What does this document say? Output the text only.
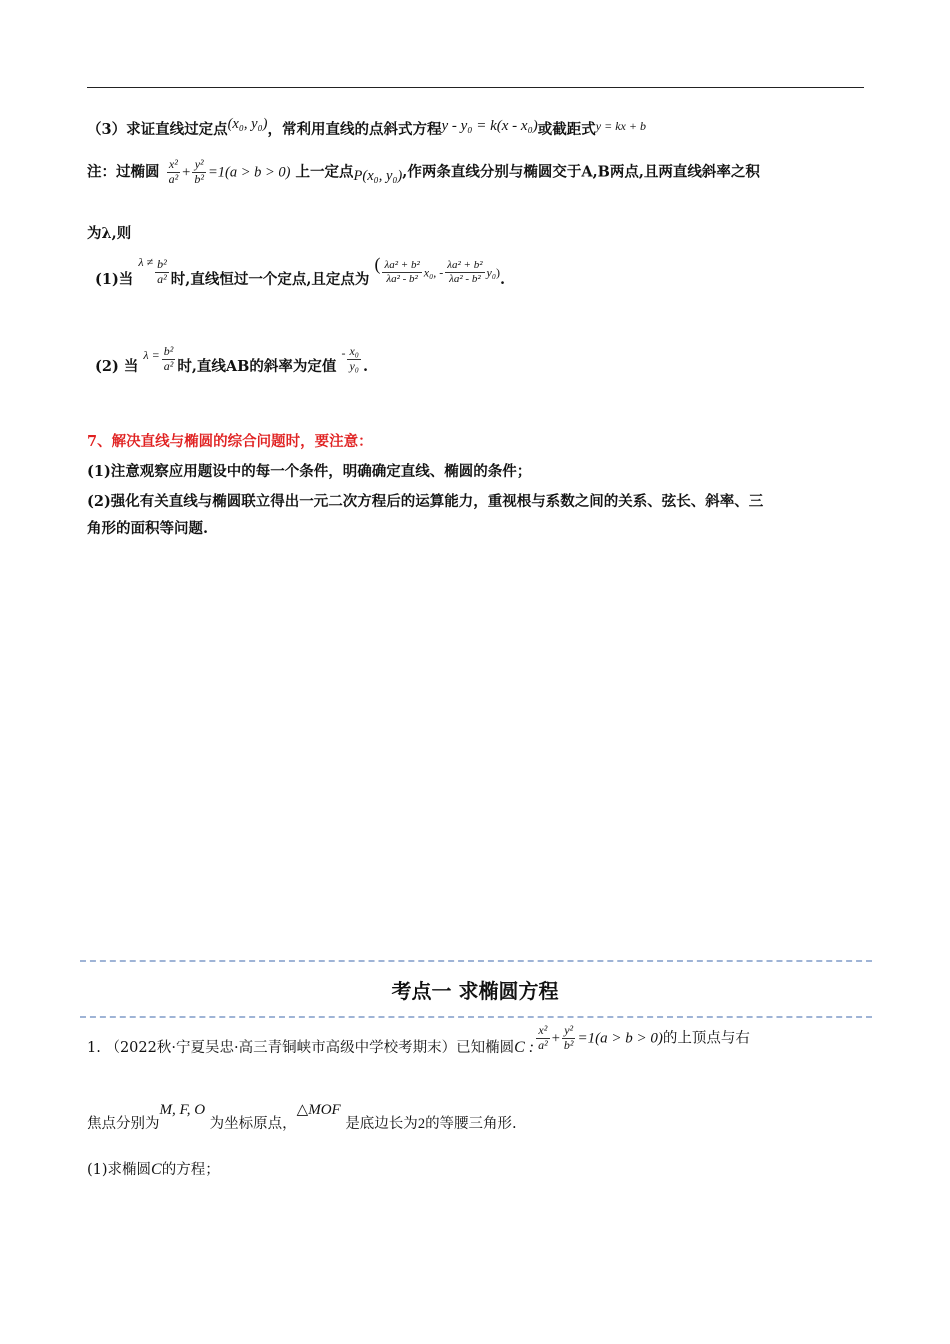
（3）求证直线过定点(x₀, y₀)，常利用直线的点斜式方程y - y₀ = k(x - x₀)或截距式$^{y = kx + b}$
注：过椭圆 $\frac{\text{x²}}{\text{a²}} + \frac{\text{y²}}{\text{b²}} =1(a > b > 0)$ 上一定点P(x₀, y₀),作两条直线分别与椭圆交于A,B两点,且两直线斜率之积
为λ,则
(1)当 $^{\lambda \ne} \frac{\text{b²}}{\text{a²}}$ 时,直线恒过一个定点,且定点为 ( $\frac{\text{λa² + b²}}{\text{λa² - b²}} x_0$, - $\frac{\text{λa² + b²}}{\text{λa² - b²}} y_0$).
(2) 当 $^{\lambda =} \frac{\text{b²}}{\text{a²}}$ 时,直线AB的斜率为定值 $^- \frac{\text{x₀}}{\text{y₀}}$ .
7、解决直线与椭圆的综合问题时，要注意：
(1)注意观察应用题设中的每一个条件，明确确定直线、椭圆的条件；
(2)强化有关直线与椭圆联立得出一元二次方程后的运算能力，重视根与系数之间的关系、弦长、斜率、三
角形的面积等问题.
考点一 求椭圆方程
1. （2022秋·宁夏吴忠·高三青铜峡市高级中学校考期末）已知椭圆C : $\frac{\text{x²}}{\text{a²}} + \frac{\text{y²}}{\text{b²}} =1(a > b > 0)$的上顶点与右
焦点分别为M, F, O 为坐标原点，△MOF 是底边长为2的等腰三角形.
(1)求椭圆C的方程；
